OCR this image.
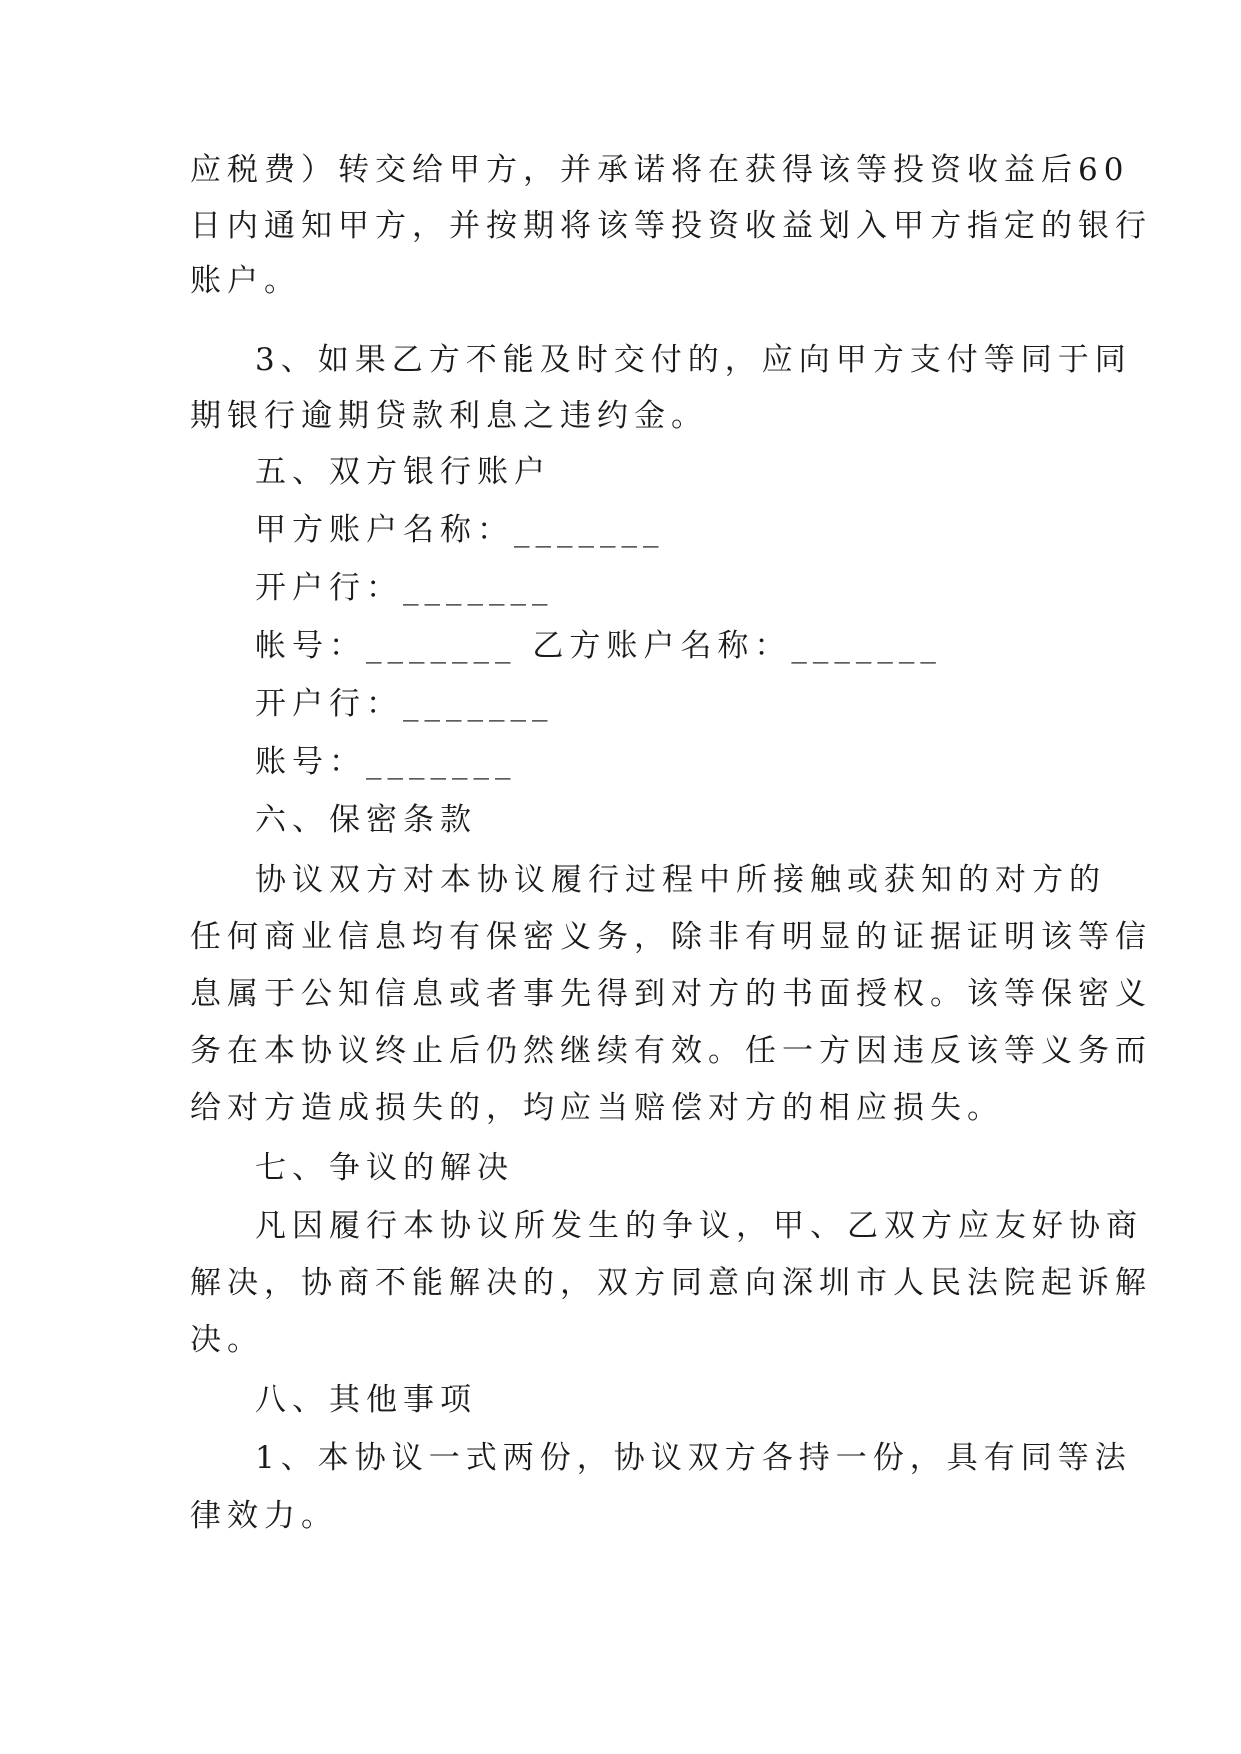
应税费）转交给甲方，并承诺将在获得该等投资收益后60

日内通知甲方，并按期将该等投资收益划入甲方指定的银行

账户。

3、如果乙方不能及时交付的，应向甲方支付等同于同

期银行逾期贷款利息之违约金。

五、双方银行账户

甲方账户名称：_______

开户行：_______

帐号：_______ 乙方账户名称：_______

开户行：_______

账号：_______

六、保密条款

协议双方对本协议履行过程中所接触或获知的对方的

任何商业信息均有保密义务，除非有明显的证据证明该等信

息属于公知信息或者事先得到对方的书面授权。该等保密义

务在本协议终止后仍然继续有效。任一方因违反该等义务而

给对方造成损失的，均应当赔偿对方的相应损失。

七、争议的解决

凡因履行本协议所发生的争议，甲、乙双方应友好协商

解决，协商不能解决的，双方同意向深圳市人民法院起诉解

决。

八、其他事项

1、本协议一式两份，协议双方各持一份，具有同等法

律效力。
